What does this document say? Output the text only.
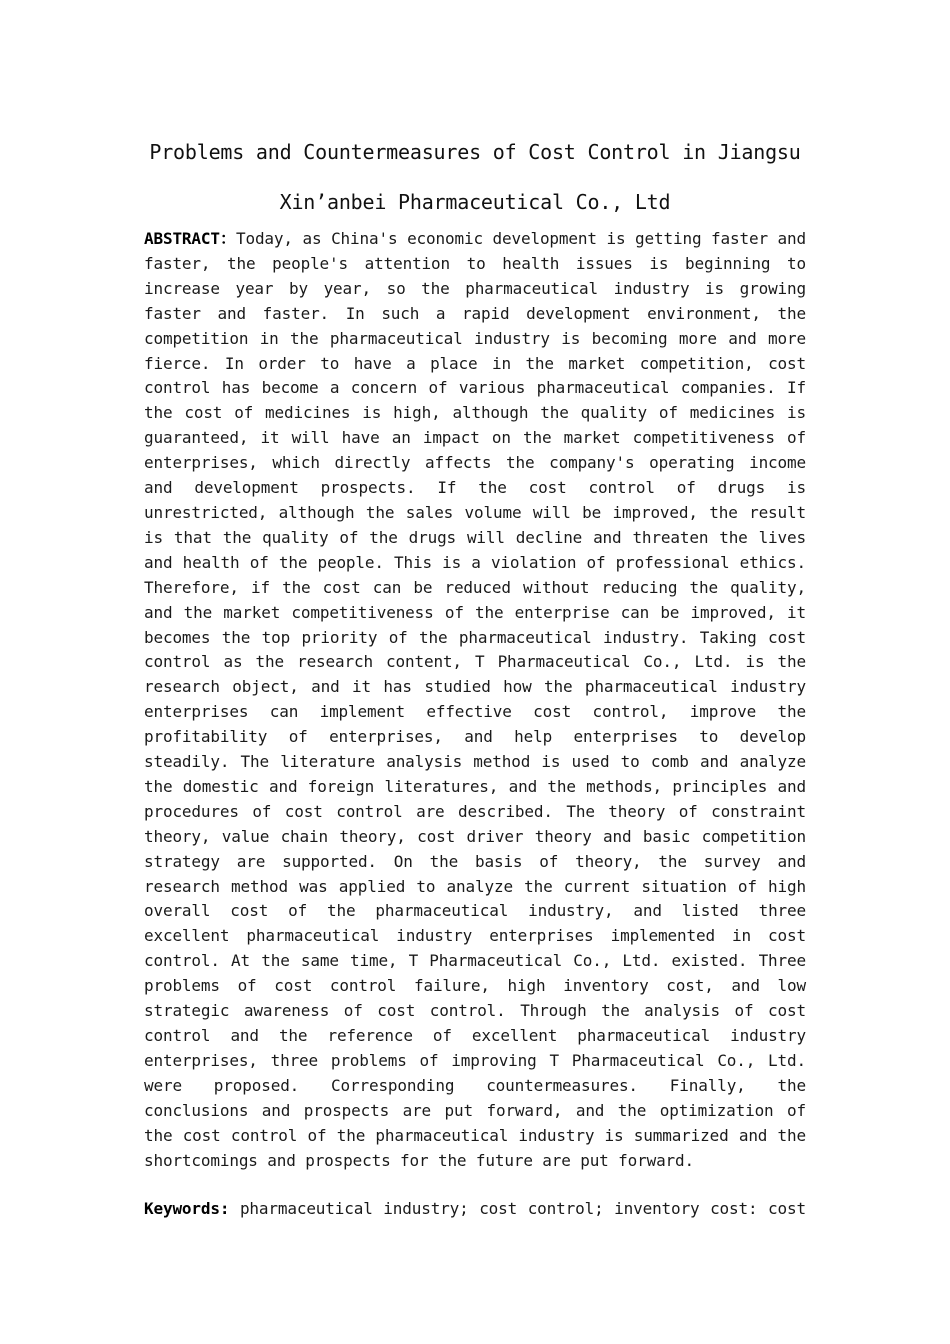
Problems and Countermeasures of Cost Control in Jiangsu
Xin’anbei Pharmaceutical Co., Ltd

ABSTRACT：Today, as China's economic development is getting faster and faster, the people's attention to health issues is beginning to increase year by year, so the pharmaceutical industry is growing faster and faster. In such a rapid development environment, the competition in the pharmaceutical industry is becoming more and more fierce. In order to have a place in the market competition, cost control has become a concern of various pharmaceutical companies. If the cost of medicines is high, although the quality of medicines is guaranteed, it will have an impact on the market competitiveness of enterprises, which directly affects the company's operating income and development prospects. If the cost control of drugs is unrestricted, although the sales volume will be improved, the result is that the quality of the drugs will decline and threaten the lives and health of the people. This is a violation of professional ethics. Therefore, if the cost can be reduced without reducing the quality, and the market competitiveness of the enterprise can be improved, it becomes the top priority of the pharmaceutical industry. Taking cost control as the research content, T Pharmaceutical Co., Ltd. is the research object, and it has studied how the pharmaceutical industry enterprises can implement effective cost control, improve the profitability of enterprises, and help enterprises to develop steadily. The literature analysis method is used to comb and analyze the domestic and foreign literatures, and the methods, principles and procedures of cost control are described. The theory of constraint theory, value chain theory, cost driver theory and basic competition strategy are supported. On the basis of theory, the survey and research method was applied to analyze the current situation of high overall cost of the pharmaceutical industry, and listed three excellent pharmaceutical industry enterprises implemented in cost control. At the same time, T Pharmaceutical Co., Ltd. existed. Three problems of cost control failure, high inventory cost, and low strategic awareness of cost control. Through the analysis of cost control and the reference of excellent pharmaceutical industry enterprises, three problems of improving T Pharmaceutical Co., Ltd. were proposed. Corresponding countermeasures. Finally, the conclusions and prospects are put forward, and the optimization of the cost control of the pharmaceutical industry is summarized and the shortcomings and prospects for the future are put forward.

Keywords: pharmaceutical industry; cost control; inventory cost: cost
